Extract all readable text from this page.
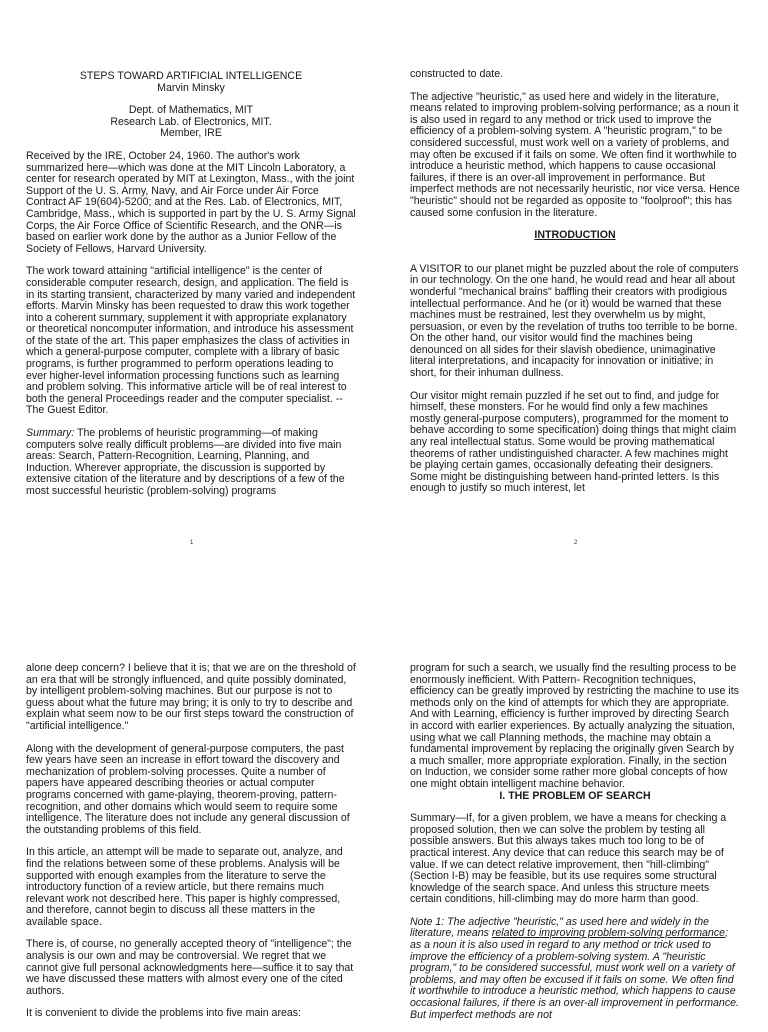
STEPS TOWARD ARTIFICIAL INTELLIGENCE
Marvin Minsky
Dept. of Mathematics, MIT
Research Lab. of Electronics, MIT.
Member, IRE

Received by the IRE, October 24, 1960. The author's work summarized here—which was done at the MIT Lincoln Laboratory, a center for research operated by MIT at Lexington, Mass., with the joint Support of the U. S. Army, Navy, and Air Force under Air Force Contract AF 19(604)-5200; and at the Res. Lab. of Electronics, MIT, Cambridge, Mass., which is supported in part by the U. S. Army Signal Corps, the Air Force Office of Scientific Research, and the ONR—is based on earlier work done by the author as a Junior Fellow of the Society of Fellows, Harvard University.

The work toward attaining "artificial intelligence" is the center of considerable computer research, design, and application. The field is in its starting transient, characterized by many varied and independent efforts. Marvin Minsky has been requested to draw this work together into a coherent summary, supplement it with appropriate explanatory or theoretical noncomputer information, and introduce his assessment of the state of the art. This paper emphasizes the class of activities in which a general-purpose computer, complete with a library of basic programs, is further programmed to perform operations leading to ever higher-level information processing functions such as learning and problem solving. This informative article will be of real interest to both the general Proceedings reader and the computer specialist. -- The Guest Editor.

Summary: The problems of heuristic programming—of making computers solve really difficult problems—are divided into five main areas: Search, Pattern-Recognition, Learning, Planning, and Induction. Wherever appropriate, the discussion is supported by extensive citation of the literature and by descriptions of a few of the most successful heuristic (problem-solving) programs

1

constructed to date.

The adjective "heuristic," as used here and widely in the literature, means related to improving problem-solving performance; as a noun it is also used in regard to any method or trick used to improve the efficiency of a problem-solving system. A "heuristic program," to be considered successful, must work well on a variety of problems, and may often be excused if it fails on some. We often find it worthwhile to introduce a heuristic method, which happens to cause occasional failures, if there is an over-all improvement in performance. But imperfect methods are not necessarily heuristic, nor vice versa. Hence "heuristic" should not be regarded as opposite to "foolproof"; this has caused some confusion in the literature.

INTRODUCTION

A VISITOR to our planet might be puzzled about the role of computers in our technology. On the one hand, he would read and hear all about wonderful "mechanical brains" baffling their creators with prodigious intellectual performance. And he (or it) would be warned that these machines must be restrained, lest they overwhelm us by might, persuasion, or even by the revelation of truths too terrible to be borne. On the other hand, our visitor would find the machines being denounced on all sides for their slavish obedience, unimaginative literal interpretations, and incapacity for innovation or initiative; in short, for their inhuman dullness.

Our visitor might remain puzzled if he set out to find, and judge for himself, these monsters. For he would find only a few machines mostly general-purpose computers), programmed for the moment to behave according to some specification) doing things that might claim any real intellectual status. Some would be proving mathematical theorems of rather undistinguished character. A few machines might be playing certain games, occasionally defeating their designers. Some might be distinguishing between hand-printed letters. Is this enough to justify so much interest, let

2

alone deep concern? I believe that it is; that we are on the threshold of an era that will be strongly influenced, and quite possibly dominated, by intelligent problem-solving machines. But our purpose is not to guess about what the future may bring; it is only to try to describe and explain what seem now to be our first steps toward the construction of "artificial intelligence."

Along with the development of general-purpose computers, the past few years have seen an increase in effort toward the discovery and mechanization of problem-solving processes. Quite a number of papers have appeared describing theories or actual computer programs concerned with game-playing, theorem-proving, pattern-recognition, and other domains which would seem to require some intelligence. The literature does not include any general discussion of the outstanding problems of this field.

In this article, an attempt will be made to separate out, analyze, and find the relations between some of these problems. Analysis will be supported with enough examples from the literature to serve the introductory function of a review article, but there remains much relevant work not described here. This paper is highly compressed, and therefore, cannot begin to discuss all these matters in the available space.

There is, of course, no generally accepted theory of "intelligence"; the analysis is our own and may be controversial. We regret that we cannot give full personal acknowledgments here—suffice it to say that we have discussed these matters with almost every one of the cited authors.

It is convenient to divide the problems into five main areas:

program for such a search, we usually find the resulting process to be enormously inefficient. With Pattern- Recognition techniques, efficiency can be greatly improved by restricting the machine to use its methods only on the kind of attempts for which they are appropriate. And with Learning, efficiency is further improved by directing Search in accord with earlier experiences. By actually analyzing the situation, using what we call Planning methods, the machine may obtain a fundamental improvement by replacing the originally given Search by a much smaller, more appropriate exploration. Finally, in the section on Induction, we consider some rather more global concepts of how one might obtain intelligent machine behavior.

I. THE PROBLEM OF SEARCH

Summary—If, for a given problem, we have a means for checking a proposed solution, then we can solve the problem by testing all possible answers. But this always takes much too long to be of practical interest. Any device that can reduce this search may be of value. If we can detect relative improvement, then "hill-climbing" (Section I-B) may be feasible, but its use requires some structural knowledge of the search space. And unless this structure meets certain conditions, hill-climbing may do more harm than good.

Note 1: The adjective "heuristic," as used here and widely in the literature, means related to improving problem-solving performance; as a noun it is also used in regard to any method or trick used to improve the efficiency of a problem-solving system. A "heuristic program," to be considered successful, must work well on a variety of problems, and may often be excused if it fails on some. We often find it worthwhile to introduce a heuristic method, which happens to cause occasional failures, if there is an over-all improvement in performance. But imperfect methods are not
